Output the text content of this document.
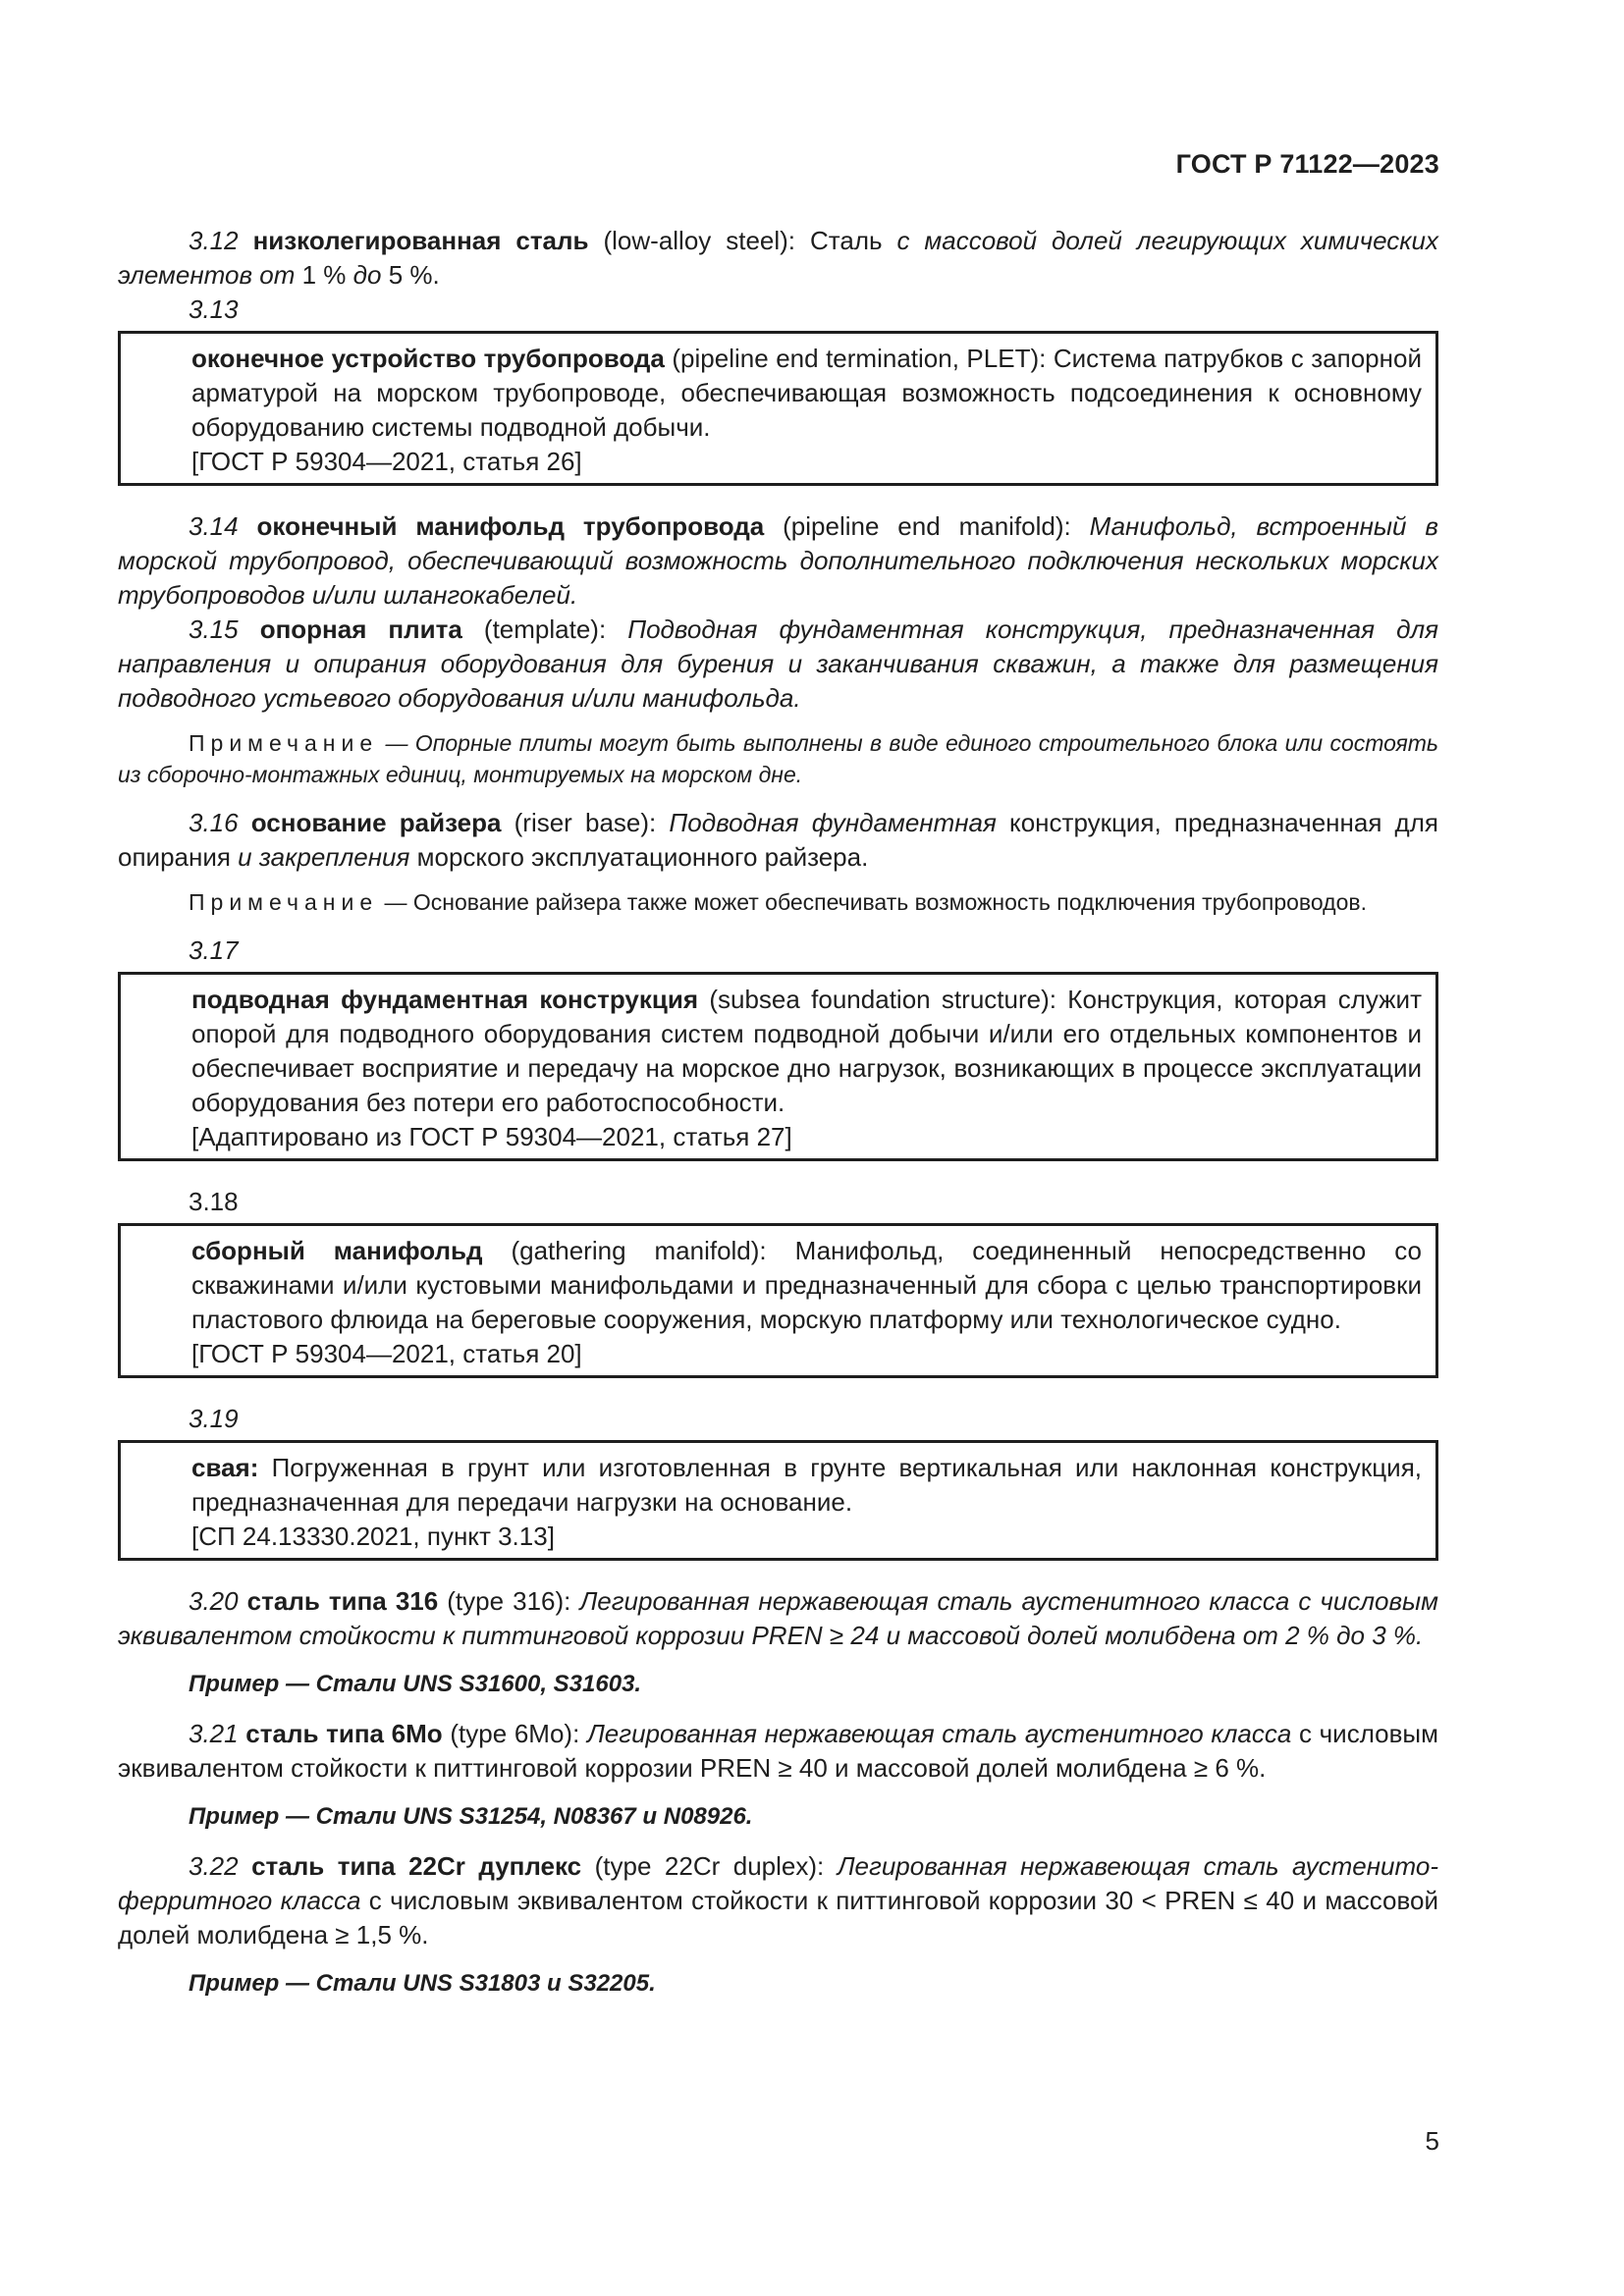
ГОСТ Р 71122—2023

3.12 низколегированная сталь (low-alloy steel): Сталь с массовой долей легирующих химических элементов от 1 % до 5 %.

3.13

оконечное устройство трубопровода (pipeline end termination, PLET): Система патрубков с запорной арматурой на морском трубопроводе, обеспечивающая возможность подсоединения к основному оборудованию системы подводной добычи.

[ГОСТ Р 59304—2021, статья 26]

3.14 оконечный манифольд трубопровода (pipeline end manifold): Манифольд, встроенный в морской трубопровод, обеспечивающий возможность дополнительного подключения нескольких морских трубопроводов и/или шлангокабелей.

3.15 опорная плита (template): Подводная фундаментная конструкция, предназначенная для направления и опирания оборудования для бурения и заканчивания скважин, а также для размещения подводного устьевого оборудования и/или манифольда.

Примечание — Опорные плиты могут быть выполнены в виде единого строительного блока или состоять из сборочно-монтажных единиц, монтируемых на морском дне.

3.16 основание райзера (riser base): Подводная фундаментная конструкция, предназначенная для опирания и закрепления морского эксплуатационного райзера.

Примечание — Основание райзера также может обеспечивать возможность подключения трубопроводов.

3.17

подводная фундаментная конструкция (subsea foundation structure): Конструкция, которая служит опорой для подводного оборудования систем подводной добычи и/или его отдельных компонентов и обеспечивает восприятие и передачу на морское дно нагрузок, возникающих в процессе эксплуатации оборудования без потери его работоспособности.

[Адаптировано из ГОСТ Р 59304—2021, статья 27]

3.18

сборный манифольд (gathering manifold): Манифольд, соединенный непосредственно со скважинами и/или кустовыми манифольдами и предназначенный для сбора с целью транспортировки пластового флюида на береговые сооружения, морскую платформу или технологическое судно.

[ГОСТ Р 59304—2021, статья 20]

3.19

свая: Погруженная в грунт или изготовленная в грунте вертикальная или наклонная конструкция, предназначенная для передачи нагрузки на основание.

[СП 24.13330.2021, пункт 3.13]

3.20 сталь типа 316 (type 316): Легированная нержавеющая сталь аустенитного класса с числовым эквивалентом стойкости к питтинговой коррозии PREN ≥ 24 и массовой долей молибдена от 2 % до 3 %.

Пример — Стали UNS S31600, S31603.

3.21 сталь типа 6Mo (type 6Mo): Легированная нержавеющая сталь аустенитного класса с числовым эквивалентом стойкости к питтинговой коррозии PREN ≥ 40 и массовой долей молибдена ≥ 6 %.

Пример — Стали UNS S31254, N08367 и N08926.

3.22 сталь типа 22Cr дуплекс (type 22Cr duplex): Легированная нержавеющая сталь аустенито-ферритного класса с числовым эквивалентом стойкости к питтинговой коррозии 30 < PREN ≤ 40 и массовой долей молибдена ≥ 1,5 %.

Пример — Стали UNS S31803 и S32205.

5
